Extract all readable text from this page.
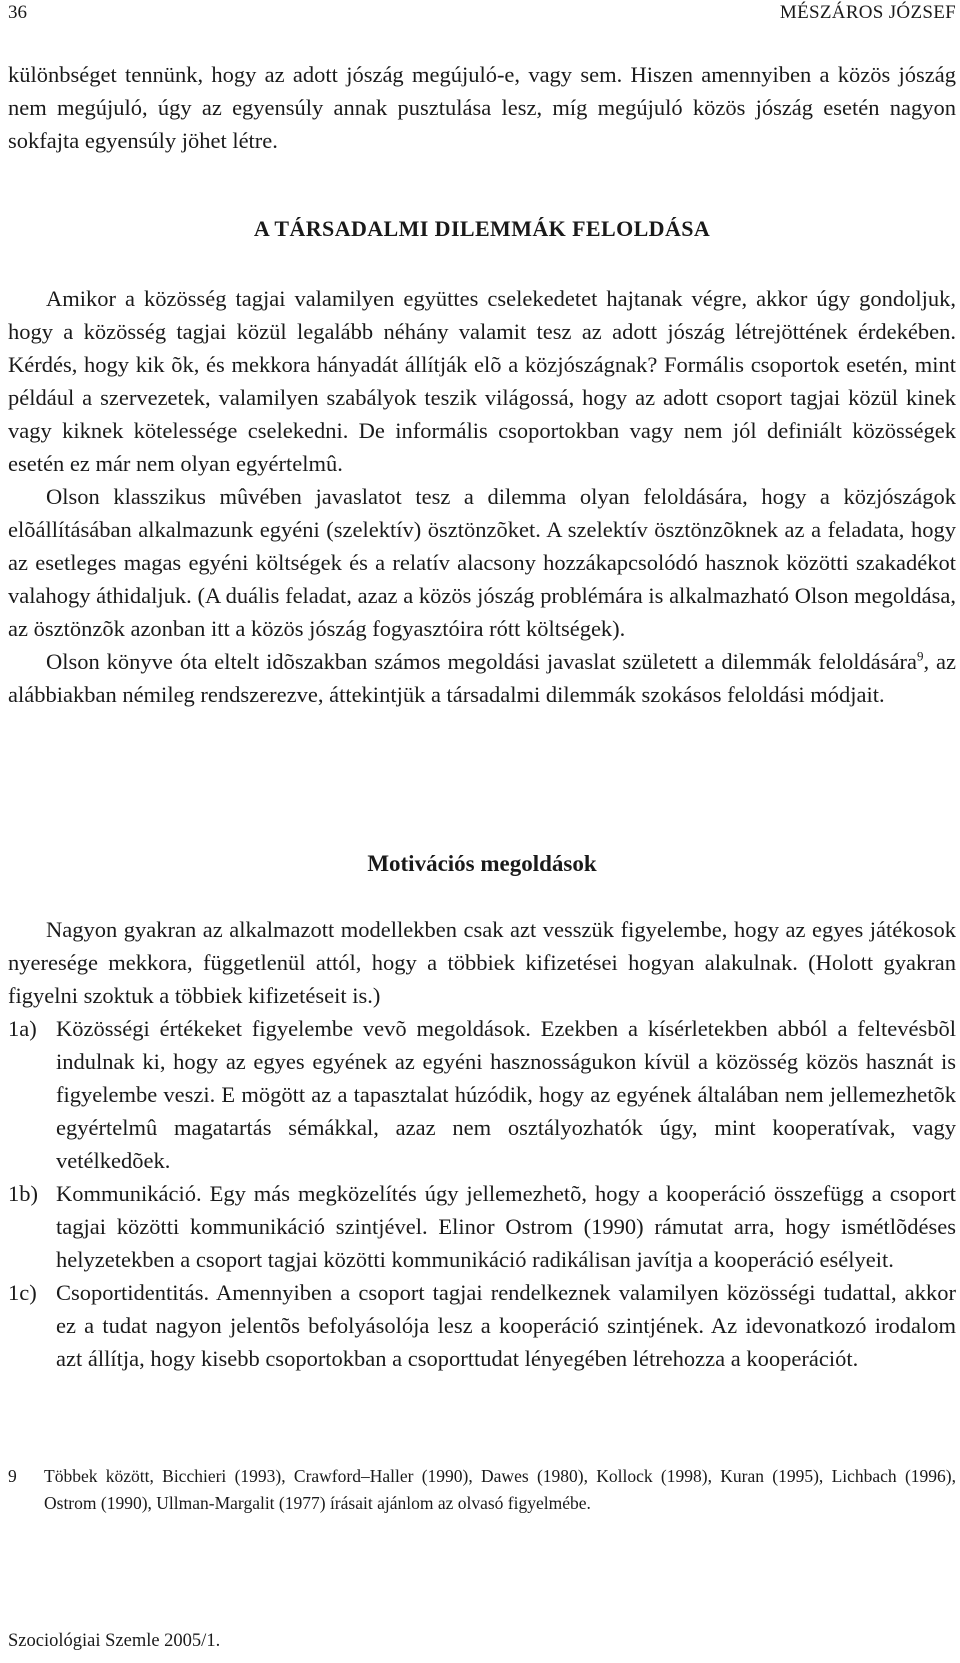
36	MÉSZÁROS JÓZSEF

különbséget tennünk, hogy az adott jószág megújuló-e, vagy sem. Hiszen amennyiben a közös jószág nem megújuló, úgy az egyensúly annak pusztulása lesz, míg megújuló közös jószág esetén nagyon sokfajta egyensúly jöhet létre.

A TÁRSADALMI DILEMMÁK FELOLDÁSA

Amikor a közösség tagjai valamilyen együttes cselekedetet hajtanak végre, akkor úgy gondoljuk, hogy a közösség tagjai közül legalább néhány valamit tesz az adott jószág létrejöttének érdekében. Kérdés, hogy kik õk, és mekkora hányadát állítják elõ a közjószágnak? Formális csoportok esetén, mint például a szervezetek, valamilyen szabályok teszik világossá, hogy az adott csoport tagjai közül kinek vagy kiknek kötelessége cselekedni. De informális csoportokban vagy nem jól definiált közösségek esetén ez már nem olyan egyértelmû.

Olson klasszikus mûvében javaslatot tesz a dilemma olyan feloldására, hogy a közjószágok elõállításában alkalmazunk egyéni (szelektív) ösztönzõket. A szelektív ösztönzõknek az a feladata, hogy az esetleges magas egyéni költségek és a relatív alacsony hozzákapcsolódó hasznok közötti szakadékot valahogy áthidaljuk. (A duális feladat, azaz a közös jószág problémára is alkalmazható Olson megoldása, az ösztönzõk azonban itt a közös jószág fogyasztóira rótt költségek).

Olson könyve óta eltelt idõszakban számos megoldási javaslat született a dilemmák feloldására$^9$, az alábbiakban némileg rendszerezve, áttekintjük a társadalmi dilemmák szokásos feloldási módjait.

Motivációs megoldások

Nagyon gyakran az alkalmazott modellekben csak azt vesszük figyelembe, hogy az egyes játékosok nyeresége mekkora, függetlenül attól, hogy a többiek kifizetései hogyan alakulnak. (Holott gyakran figyelni szoktuk a többiek kifizetéseit is.)

1a) Közösségi értékeket figyelembe vevõ megoldások. Ezekben a kísérletekben abból a feltevésbõl indulnak ki, hogy az egyes egyének az egyéni hasznosságukon kívül a közösség közös hasznát is figyelembe veszi. E mögött az a tapasztalat húzódik, hogy az egyének általában nem jellemezhetõk egyértelmû magatartás sémákkal, azaz nem osztályozhatók úgy, mint kooperatívak, vagy vetélkedõek.
1b) Kommunikáció. Egy más megközelítés úgy jellemezhetõ, hogy a kooperáció összefügg a csoport tagjai közötti kommunikáció szintjével. Elinor Ostrom (1990) rámutat arra, hogy ismétlõdéses helyzetekben a csoport tagjai közötti kommunikáció radikálisan javítja a kooperáció esélyeit.
1c) Csoportidentitás. Amennyiben a csoport tagjai rendelkeznek valamilyen közösségi tudattal, akkor ez a tudat nagyon jelentõs befolyásolója lesz a kooperáció szintjének. Az idevonatkozó irodalom azt állítja, hogy kisebb csoportokban a csoporttudat lényegében létrehozza a kooperációt.
9 Többek között, Bicchieri (1993), Crawford–Haller (1990), Dawes (1980), Kollock (1998), Kuran (1995), Lichbach (1996), Ostrom (1990), Ullman-Margalit (1977) írásait ajánlom az olvasó figyelmébe.
Szociológiai Szemle 2005/1.
